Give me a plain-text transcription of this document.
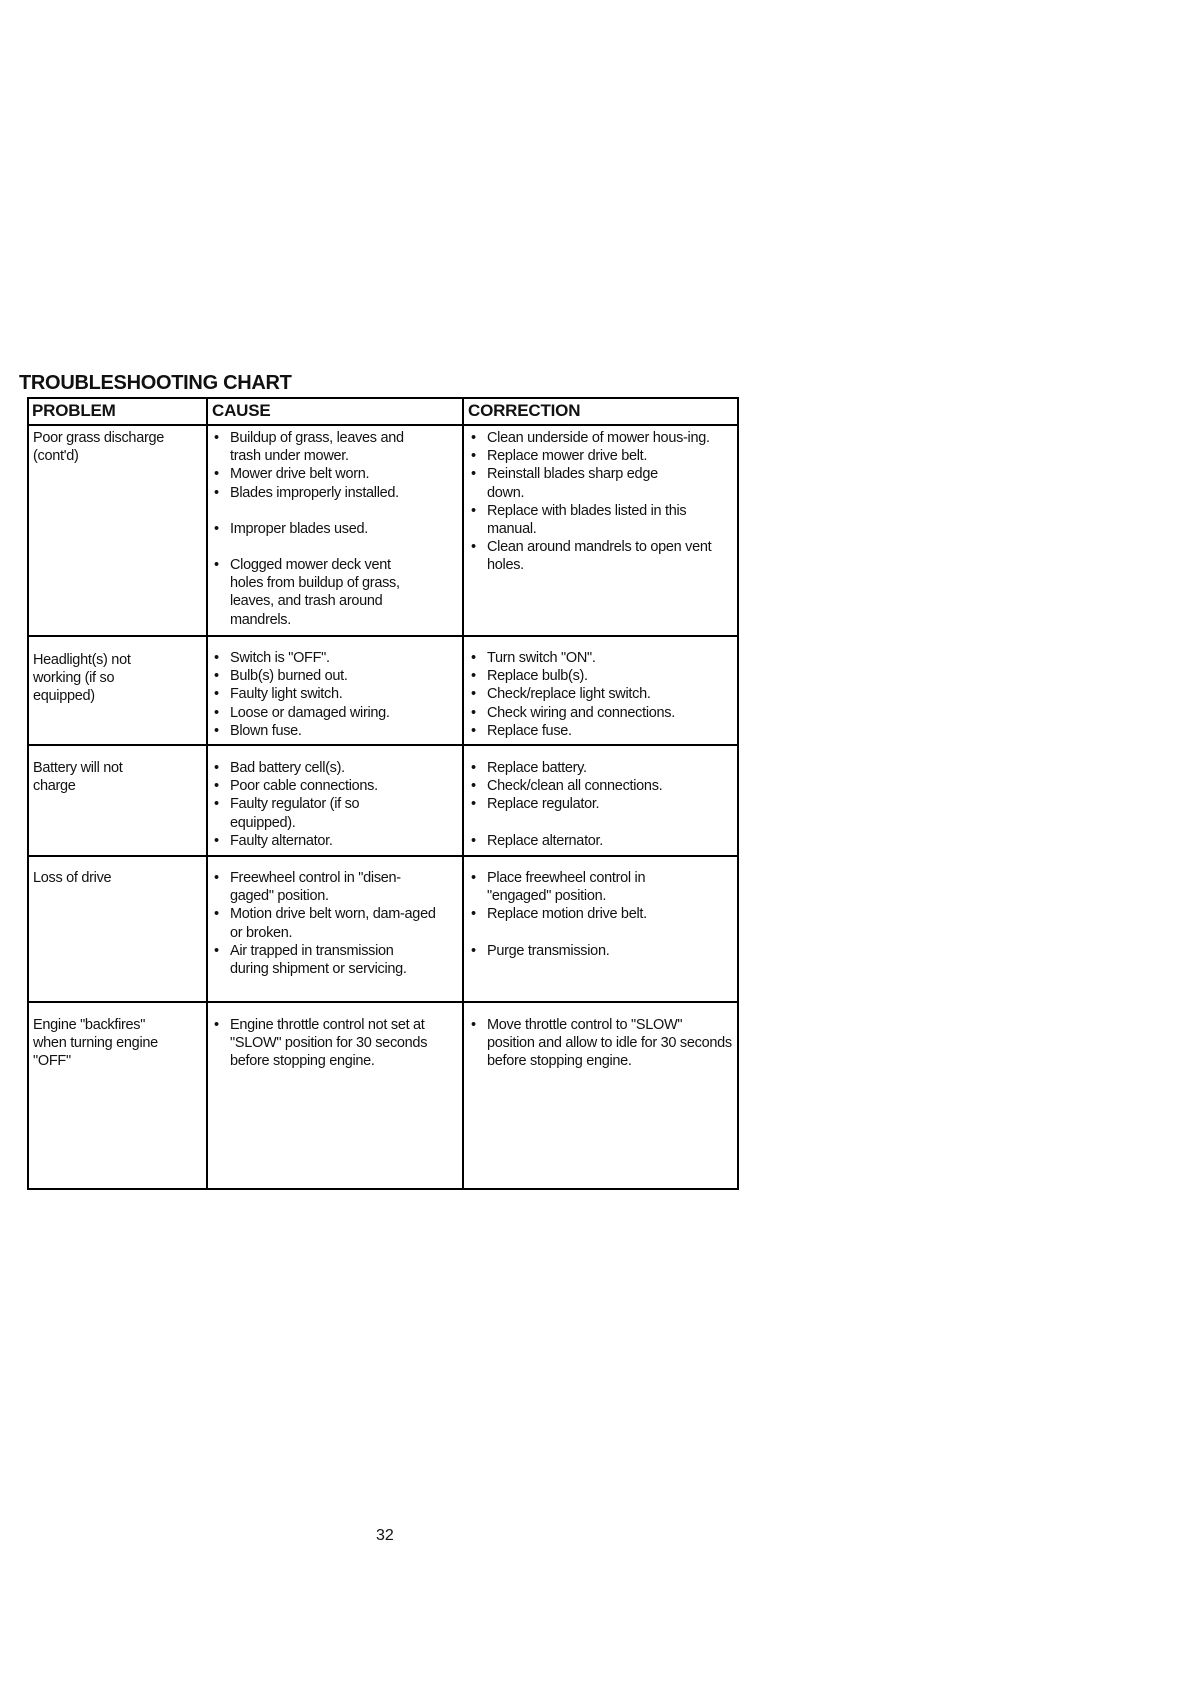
TROUBLESHOOTING CHART
PROBLEM	CAUSE	CORRECTION
Poor grass discharge
(cont'd)
• Buildup of grass, leaves and trash under mower.
• Mower drive belt worn.
• Blades improperly installed.
• Improper blades used.
• Clogged mower deck vent holes from buildup of grass, leaves, and trash around mandrels.
• Clean underside of mower hous-ing.
• Replace mower drive belt.
• Reinstall blades sharp edge down.
• Replace with blades listed in this manual.
• Clean around mandrels to open vent holes.
Headlight(s) not
working (if so
equipped)
• Switch is "OFF".
• Bulb(s) burned out.
• Faulty light switch.
• Loose or damaged wiring.
• Blown fuse.
• Turn switch "ON".
• Replace bulb(s).
• Check/replace light switch.
• Check wiring and connections.
• Replace fuse.
Battery will not
charge
• Bad battery cell(s).
• Poor cable connections.
• Faulty regulator (if so equipped).
• Faulty alternator.
• Replace battery.
• Check/clean all connections.
• Replace regulator.
• Replace alternator.
Loss of drive
•	Freewheel control in "disen-gaged" position.
• Motion drive belt worn, dam-aged or broken.
• Air trapped in transmission during shipment or servicing.
• Place freewheel control in "engaged" position.
• Replace motion drive belt.
• Purge transmission.
Engine "backfires"
when turning engine
"OFF"
• Engine throttle control not set at "SLOW" position for 30 seconds before stopping engine.
• Move throttle control to "SLOW" position and allow to idle for 30 seconds before stopping engine.
32
